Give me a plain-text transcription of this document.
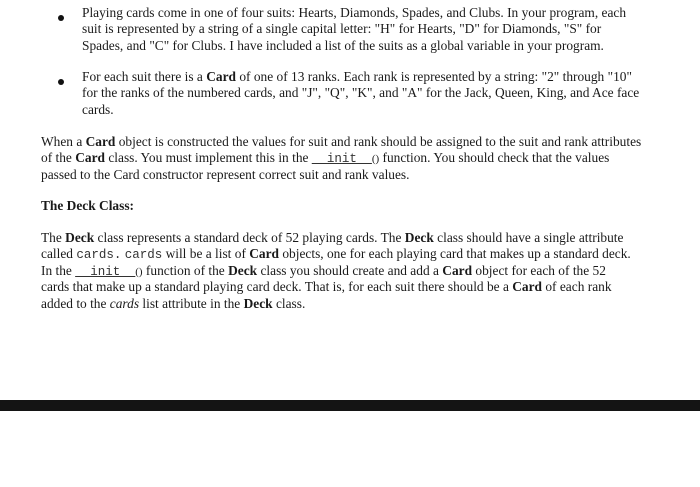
Playing cards come in one of four suits: Hearts, Diamonds, Spades, and Clubs. In your program, each
suit is represented by a string of a single capital letter: "H" for Hearts, "D" for Diamonds, "S" for
Spades, and "C" for Clubs. I have included a list of the suits as a global variable in your program.

For each suit there is a Card of one of 13 ranks. Each rank is represented by a string: "2" through "10"
for the ranks of the numbered cards, and "J", "Q", "K", and "A" for the Jack, Queen, King, and Ace face
cards.

When a Card object is constructed the values for suit and rank should be assigned to the suit and rank attributes
of the Card class. You must implement this in the __init__() function. You should check that the values
passed to the Card constructor represent correct suit and rank values.

The Deck Class:

The Deck class represents a standard deck of 52 playing cards. The Deck class should have a single attribute
called cards. cards will be a list of Card objects, one for each playing card that makes up a standard deck.
In the __init__() function of the Deck class you should create and add a Card object for each of the 52
cards that make up a standard playing card deck. That is, for each suit there should be a Card of each rank
added to the cards list attribute in the Deck class.
